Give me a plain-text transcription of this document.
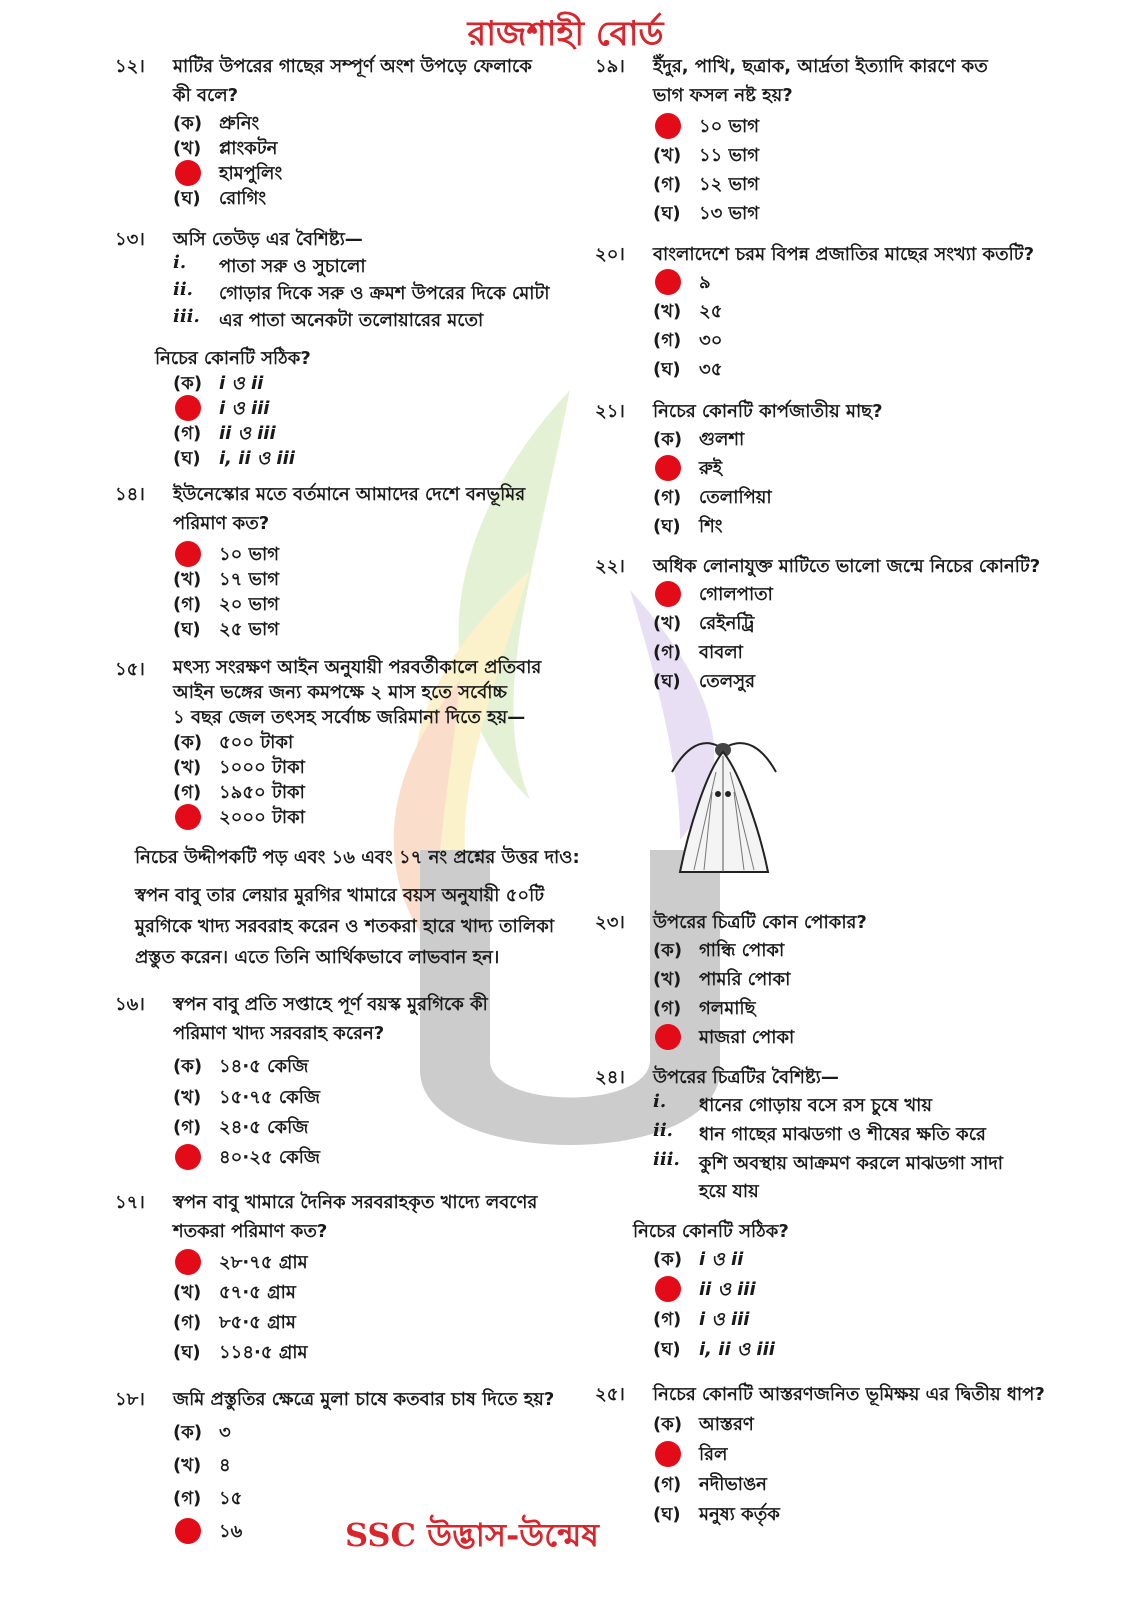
রাজশাহী বোর্ড
১২। মাটির উপরের গাছের সম্পূর্ণ অংশ উপড়ে ফেলাকে
কী বলে?
(ক) প্রুনিং
(খ) প্লাংকটন
হামপুলিং
(ঘ)	রোগিং
১৩। অসি তেউড় এর বৈশিষ্ট্য—
i. পাতা সরু ও সুচালো
ii. গোড়ার দিকে সরু ও ক্রমশ উপরের দিকে মোটা
iii. এর পাতা অনেকটা তলোয়ারের মতো
নিচের কোনটি সঠিক?
(ক) i ও ii
i ও iii
(গ) ii ও iii
(ঘ)	i, ii ও iii
১৪। ইউনেস্কোর মতে বর্তমানে আমাদের দেশে বনভূমির
পরিমাণ কত?
১০ ভাগ
(খ) ১৭ ভাগ
(গ) ২০ ভাগ
(ঘ)	২৫ ভাগ
১৫। মৎস্য সংরক্ষণ আইন অনুযায়ী পরবর্তীকালে প্রতিবার
আইন ভঙ্গের জন্য কমপক্ষে ২ মাস হতে সর্বোচ্চ
১ বছর জেল তৎসহ সর্বোচ্চ জরিমানা দিতে হয়—
(ক) ৫০০ টাকা
(খ) ১০০০ টাকা
(গ) ১৯৫০ টাকা
২০০০ টাকা
নিচের উদ্দীপকটি পড় এবং ১৬ এবং ১৭ নং প্রশ্নের উত্তর দাও:
স্বপন বাবু তার লেয়ার মুরগির খামারে বয়স অনুযায়ী ৫০টি
মুরগিকে খাদ্য সরবরাহ করেন ও শতকরা হারে খাদ্য তালিকা
প্রস্তুত করেন। এতে তিনি আর্থিকভাবে লাভবান হন।
১৬। স্বপন বাবু প্রতি সপ্তাহে পূর্ণ বয়স্ক মুরগিকে কী
পরিমাণ খাদ্য সরবরাহ করেন?
(ক) ১৪·৫ কেজি
(খ) ১৫·৭৫ কেজি
(গ) ২৪·৫ কেজি
৪০·২৫ কেজি
১৭। স্বপন বাবু খামারে দৈনিক সরবরাহকৃত খাদ্যে লবণের
শতকরা পরিমাণ কত?
২৮·৭৫ গ্রাম
(খ) ৫৭·৫ গ্রাম
(গ) ৮৫·৫ গ্রাম
(ঘ)	১১৪·৫ গ্রাম
১৮। জমি প্রস্তুতির ক্ষেত্রে মুলা চাষে কতবার চাষ দিতে হয়?
(ক) ৩
(খ) ৪
(গ) ১৫
১৬
১৯। ইঁদুর, পাখি, ছত্রাক, আর্দ্রতা ইত্যাদি কারণে কত
ভাগ ফসল নষ্ট হয়?
১০ ভাগ
(খ) ১১ ভাগ
(গ) ১২ ভাগ
(ঘ)	১৩ ভাগ
২০। বাংলাদেশে চরম বিপন্ন প্রজাতির মাছের সংখ্যা কতটি?
৯
(খ) ২৫
(গ) ৩০
(ঘ)	৩৫
২১। নিচের কোনটি কার্পজাতীয় মাছ?
(ক) গুলশা
রুই
(গ) তেলাপিয়া
(ঘ)	শিং
২২। অধিক লোনাযুক্ত মাটিতে ভালো জন্মে নিচের কোনটি?
গোলপাতা
(খ) রেইনট্রি
(গ) বাবলা
(ঘ)	তেলসুর
২৩। উপরের চিত্রটি কোন পোকার?
(ক) গান্ধি পোকা
(খ) পামরি পোকা
(গ) গলমাছি
মাজরা পোকা
২৪। উপরের চিত্রটির বৈশিষ্ট্য—
i. ধানের গোড়ায় বসে রস চুষে খায়
ii. ধান গাছের মাঝডগা ও শীষের ক্ষতি করে
iii. কুশি অবস্থায় আক্রমণ করলে মাঝডগা সাদা
হয়ে যায়
নিচের কোনটি সঠিক?
(ক) i ও ii
ii ও iii
(গ) i ও iii
(ঘ)	i, ii ও iii
২৫। নিচের কোনটি আস্তরণজনিত ভূমিক্ষয় এর দ্বিতীয় ধাপ?
(ক) আস্তরণ
রিল
(গ) নদীভাঙন
(ঘ)	মনুষ্য কর্তৃক
SSC উদ্ভাস-উন্মেষ
